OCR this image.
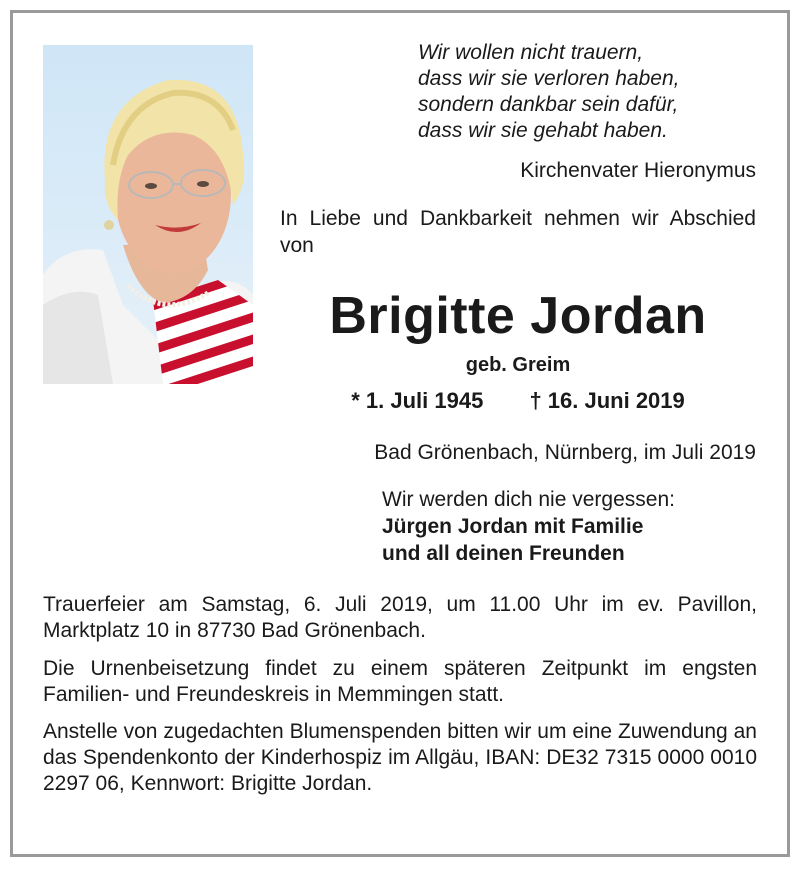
Wir wollen nicht trauern,
dass wir sie verloren haben,
sondern dankbar sein dafür,
dass wir sie gehabt haben.
Kirchenvater Hieronymus
In Liebe und Dankbarkeit nehmen wir Abschied von
Brigitte Jordan
geb. Greim
* 1. Juli 1945 † 16. Juni 2019
Bad Grönenbach, Nürnberg, im Juli 2019
Wir werden dich nie vergessen:
Jürgen Jordan mit Familie
und all deinen Freunden
Trauerfeier am Samstag, 6. Juli 2019, um 11.00 Uhr im ev. Pavillon, Marktplatz 10 in 87730 Bad Grönenbach.
Die Urnenbeisetzung findet zu einem späteren Zeitpunkt im engsten Familien- und Freundeskreis in Memmingen statt.
Anstelle von zugedachten Blumenspenden bitten wir um eine Zuwendung an das Spendenkonto der Kinderhospiz im Allgäu, IBAN: DE32 7315 0000 0010 2297 06, Kennwort: Brigitte Jordan.
